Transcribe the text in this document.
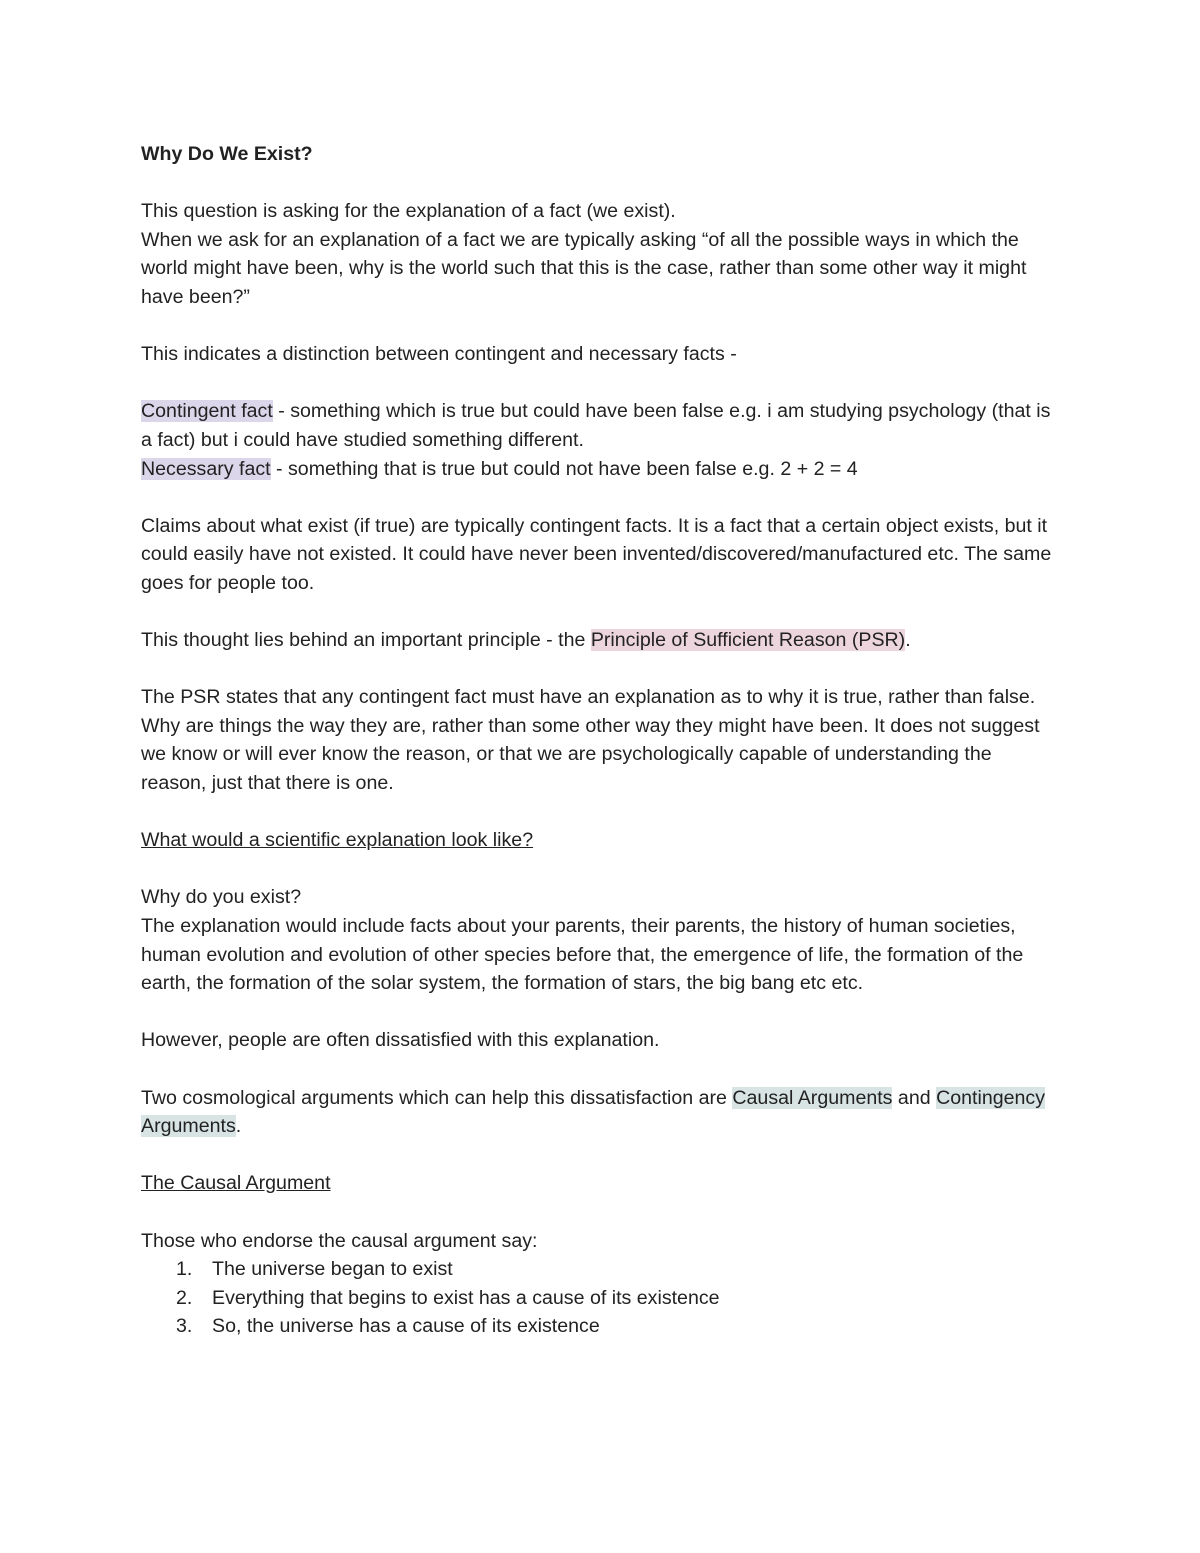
Why Do We Exist?

This question is asking for the explanation of a fact (we exist).

When we ask for an explanation of a fact we are typically asking “of all the possible ways in which the world might have been, why is the world such that this is the case, rather than some other way it might have been?”

This indicates a distinction between contingent and necessary facts -

Contingent fact - something which is true but could have been false e.g. i am studying psychology (that is a fact) but i could have studied something different.

Necessary fact - something that is true but could not have been false e.g. 2 + 2 = 4

Claims about what exist (if true) are typically contingent facts. It is a fact that a certain object exists, but it could easily have not existed. It could have never been invented/discovered/manufactured etc. The same goes for people too.

This thought lies behind an important principle - the Principle of Sufficient Reason (PSR).

The PSR states that any contingent fact must have an explanation as to why it is true, rather than false. Why are things the way they are, rather than some other way they might have been. It does not suggest we know or will ever know the reason, or that we are psychologically capable of understanding the reason, just that there is one.

What would a scientific explanation look like?

Why do you exist?

The explanation would include facts about your parents, their parents, the history of human societies, human evolution and evolution of other species before that, the emergence of life, the formation of the earth, the formation of the solar system, the formation of stars, the big bang etc etc.

However, people are often dissatisfied with this explanation.

Two cosmological arguments which can help this dissatisfaction are Causal Arguments and Contingency Arguments.

The Causal Argument

Those who endorse the causal argument say:

1. The universe began to exist
2. Everything that begins to exist has a cause of its existence
3. So, the universe has a cause of its existence
